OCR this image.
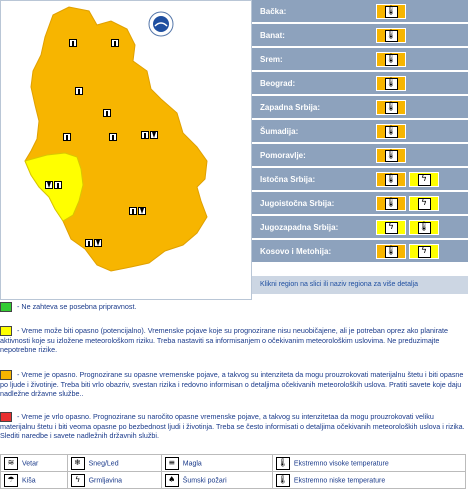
Bačka:	🌡
Banat:	🌡
Srem:	🌡
Beograd:	🌡
Zapadna Srbija:	🌡
Šumadija:	🌡
Pomoravlje:	🌡
Istočna Srbija:	🌡	ϟ
Jugoistočna Srbija:	🌡	ϟ
Jugozapadna Srbija:	ϟ	🌡
Kosovo i Metohija:	🌡	ϟ
Klikni region na slici ili naziv regiona za više detalja
- Ne zahteva se posebna pripravnost.
- Vreme može biti opasno (potencijalno). Vremenske pojave koje su prognozirane nisu neuobičajene, ali je potreban oprez ako planirate aktivnosti koje su izložene meteorološkom riziku. Treba nastaviti sa informisanjem o očekivanim meteorološkim uslovima. Ne preduzimajte nepotrebne rizike.
- Vreme je opasno. Prognozirane su opasne vremenske pojave, a takvog su intenziteta da mogu prouzrokovati materijalnu štetu i biti opasne po ljude i životinje. Treba biti vrlo obazriv, svestan rizika i redovno informisan o detaljima očekivanih meteoroloških uslova. Pratiti savete koje daju nadležne državne službe..
- Vreme je vrlo opasno. Prognozirane su naročito opasne vremenske pojave, a takvog su intenzitetaa da mogu prouzrokovati veliku materijalnu štetu i biti veoma opasne po bezbednost ljudi i životinja. Treba se često informisati o detaljima očekivanih meteoroloških uslova i rizika. Slediti naredbe i savete nadležnih državnih službi.
≋ Vetar	❄ Sneg/Led	≡ Magla	🌡 Ekstremno visoke temperature
☂ Kiša	ϟ Grmljavina	♠ Šumski požari	🌡 Ekstremno niske temperature
